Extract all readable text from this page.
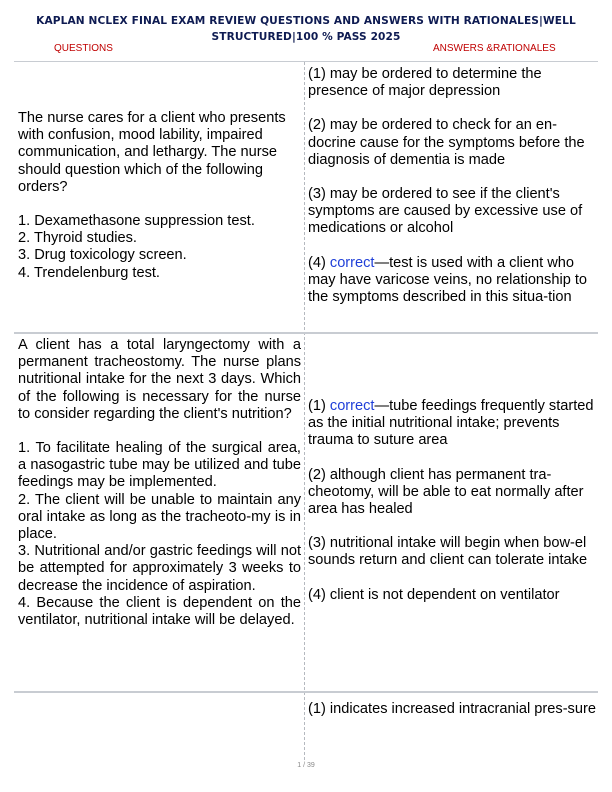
KAPLAN NCLEX FINAL EXAM REVIEW QUESTIONS AND ANSWERS WITH RATIONALES|WELL STRUCTURED|100 % PASS 2025
QUESTIONS	ANSWERS &RATIONALES
The nurse cares for a client who presents with confusion, mood lability, impaired communication, and lethargy. The nurse should question which of the following orders?
1. Dexamethasone suppression test.
2. Thyroid studies.
3. Drug toxicology screen.
4. Trendelenburg test.
(1) may be ordered to determine the presence of major depression
(2) may be ordered to check for an en-docrine cause for the symptoms before the diagnosis of dementia is made
(3) may be ordered to see if the client's symptoms are caused by excessive use of medications or alcohol
(4) correct—test is used with a client who may have varicose veins, no relationship to the symptoms described in this situa-tion
A client has a total laryngectomy with a permanent tracheostomy. The nurse plans nutritional intake for the next 3 days. Which of the following is necessary for the nurse to consider regarding the client's nutrition?
1. To facilitate healing of the surgical area, a nasogastric tube may be utilized and tube feedings may be implemented.
2. The client will be unable to maintain any oral intake as long as the tracheoto-my is in place.
3. Nutritional and/or gastric feedings will not be attempted for approximately 3 weeks to decrease the incidence of aspiration.
4. Because the client is dependent on the ventilator, nutritional intake will be delayed.
(1) correct—tube feedings frequently started as the initial nutritional intake; prevents trauma to suture area
(2) although client has permanent tra-cheotomy, will be able to eat normally after area has healed
(3) nutritional intake will begin when bow-el sounds return and client can tolerate intake
(4) client is not dependent on ventilator
(1) indicates increased intracranial pres-sure
1 / 39
